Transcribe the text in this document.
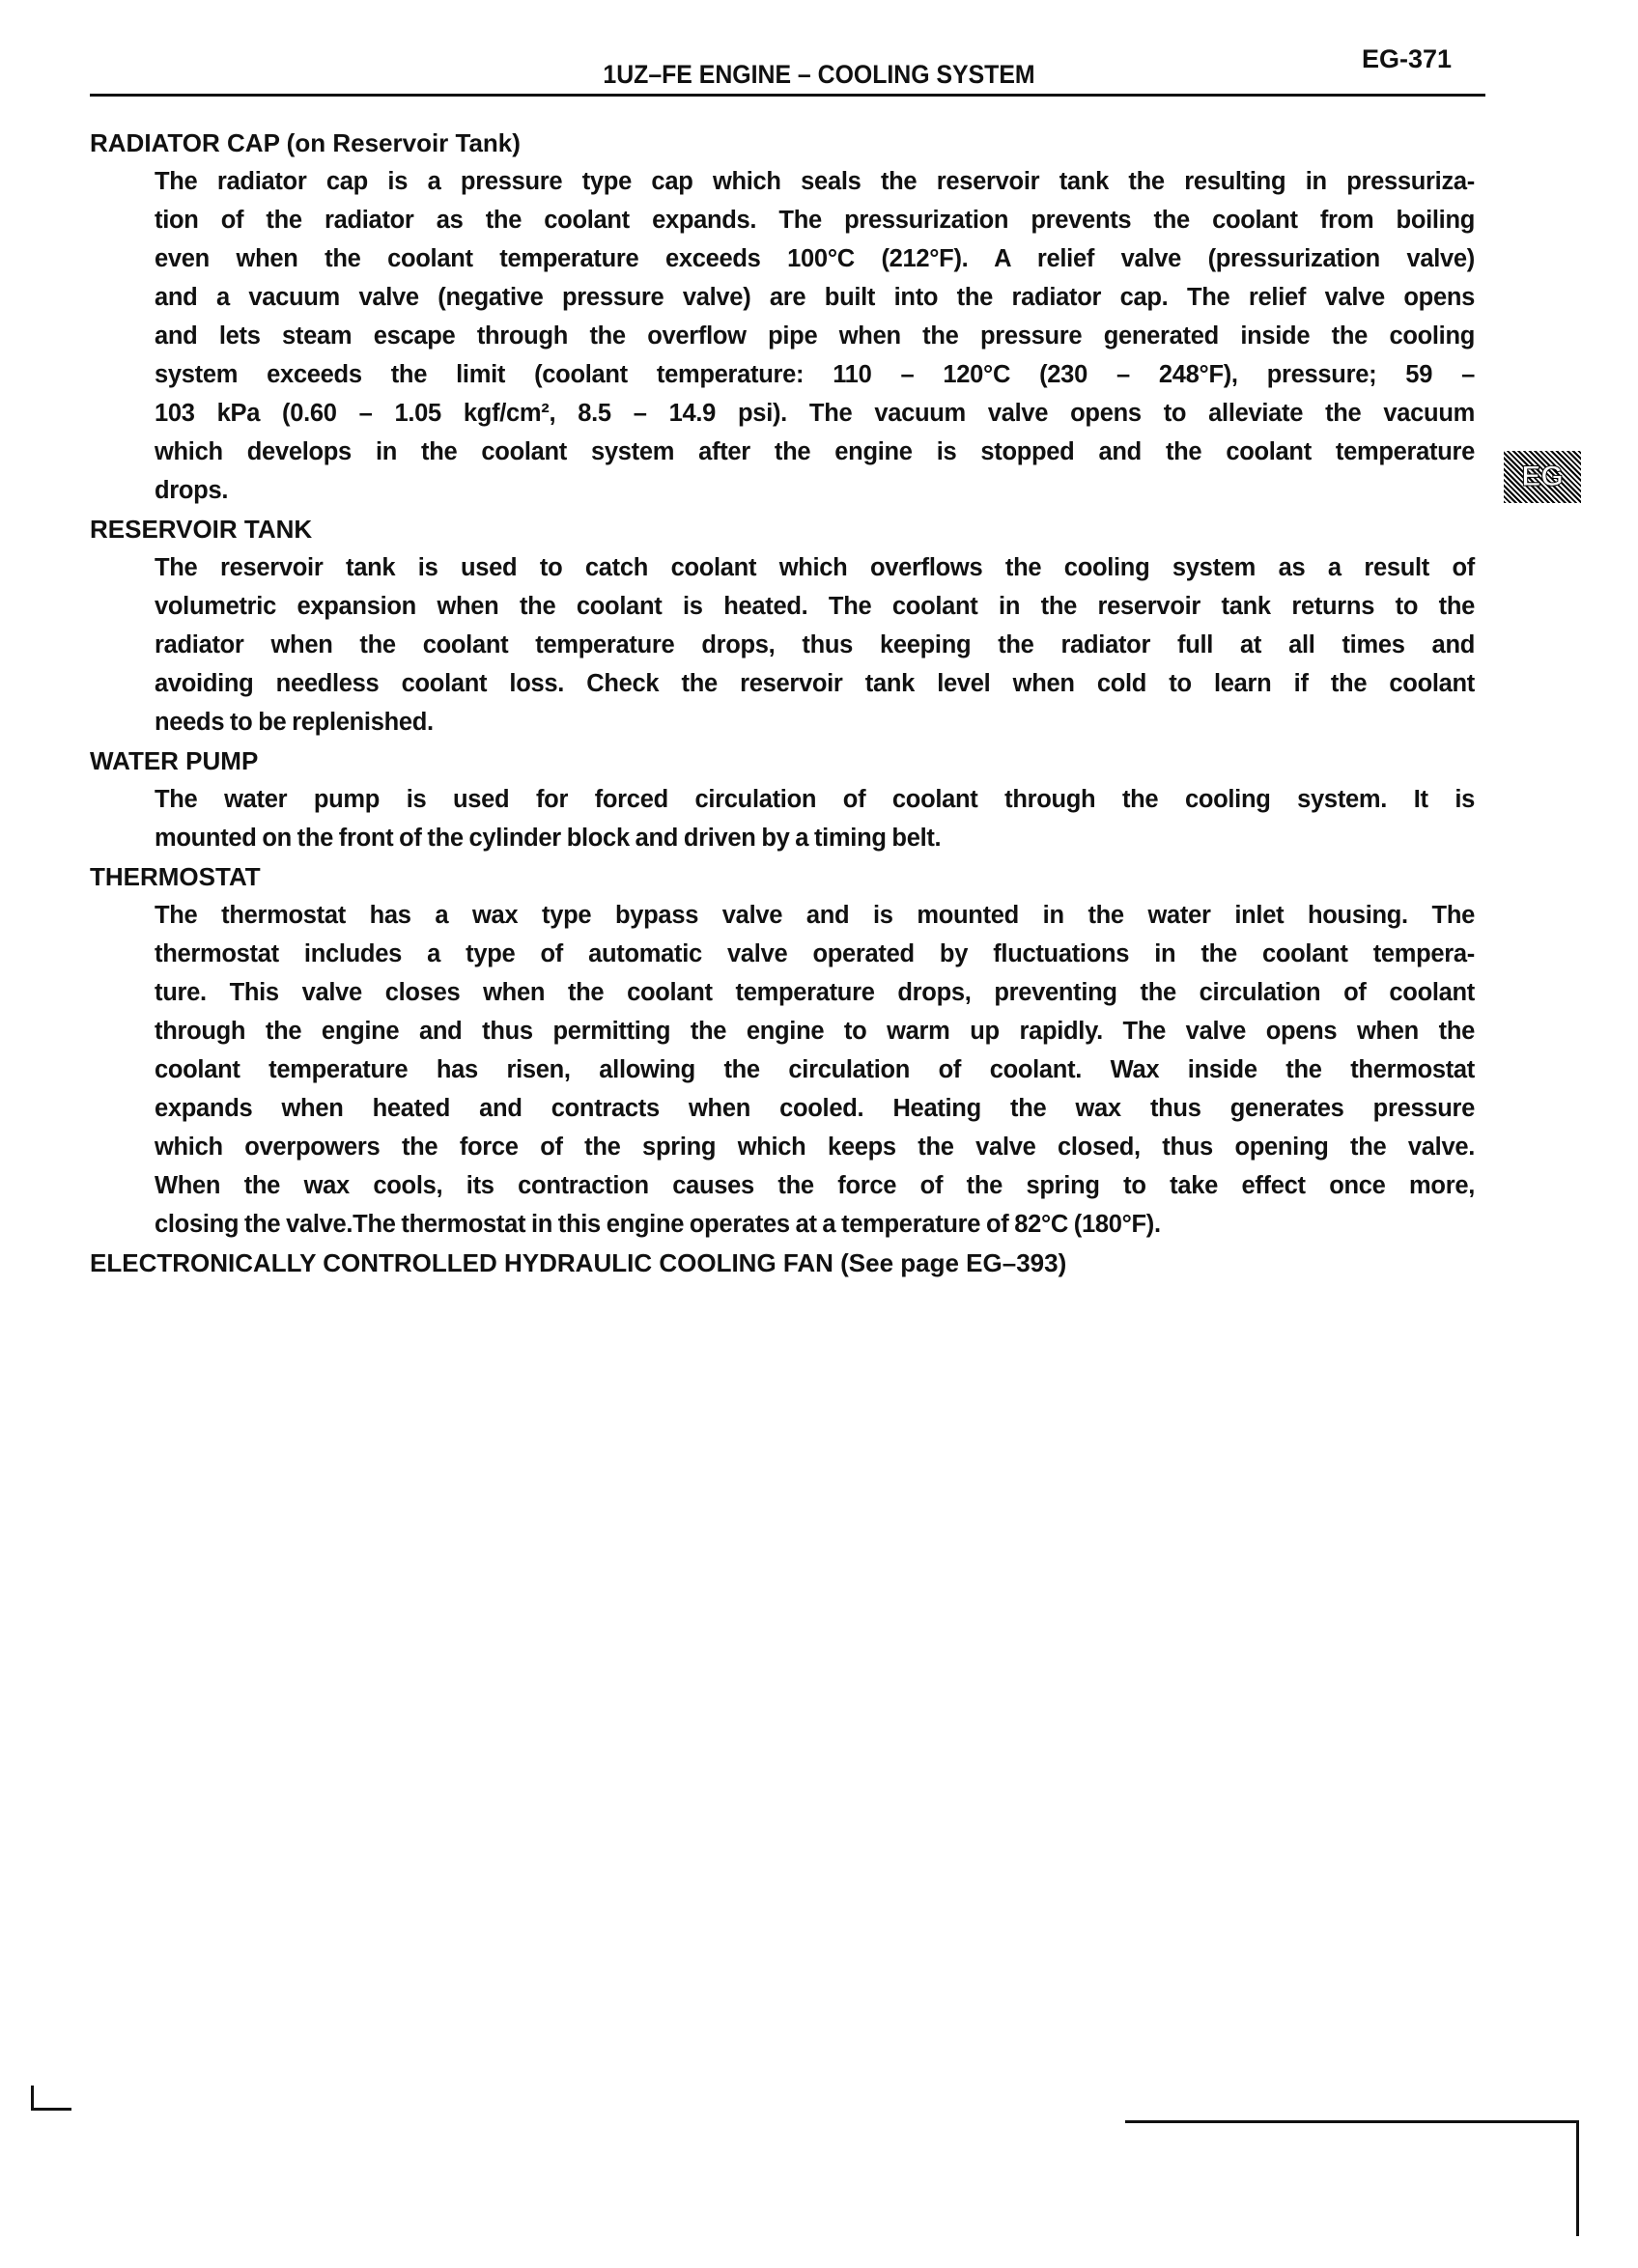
1UZ–FE ENGINE – COOLING SYSTEM
EG-371
EG
RADIATOR CAP (on Reservoir Tank)
The radiator cap is a pressure type cap which seals the reservoir tank the resulting in pressuriza-
tion of the radiator as the coolant expands. The pressurization prevents the coolant from boiling
even when the coolant temperature exceeds 100°C (212°F). A relief valve (pressurization valve)
and a vacuum valve (negative pressure valve) are built into the radiator cap. The relief valve opens
and lets steam escape through the overflow pipe when the pressure generated inside the cooling
system exceeds the limit (coolant temperature: 110 – 120°C (230 – 248°F), pressure; 59 –
103 kPa (0.60 – 1.05 kgf/cm², 8.5 – 14.9 psi). The vacuum valve opens to alleviate the vacuum
which develops in the coolant system after the engine is stopped and the coolant temperature
drops.
RESERVOIR TANK
The reservoir tank is used to catch coolant which overflows the cooling system as a result of
volumetric expansion when the coolant is heated. The coolant in the reservoir tank returns to the
radiator when the coolant temperature drops, thus keeping the radiator full at all times and
avoiding needless coolant loss. Check the reservoir tank level when cold to learn if the coolant
needs to be replenished.
WATER PUMP
The water pump is used for forced circulation of coolant through the cooling system. It is
mounted on the front of the cylinder block and driven by a timing belt.
THERMOSTAT
The thermostat has a wax type bypass valve and is mounted in the water inlet housing. The
thermostat includes a type of automatic valve operated by fluctuations in the coolant tempera-
ture. This valve closes when the coolant temperature drops, preventing the circulation of coolant
through the engine and thus permitting the engine to warm up rapidly. The valve opens when the
coolant temperature has risen, allowing the circulation of coolant. Wax inside the thermostat
expands when heated and contracts when cooled. Heating the wax thus generates pressure
which overpowers the force of the spring which keeps the valve closed, thus opening the valve.
When the wax cools, its contraction causes the force of the spring to take effect once more,
closing the valve.The thermostat in this engine operates at a temperature of 82°C (180°F).
ELECTRONICALLY CONTROLLED HYDRAULIC COOLING FAN (See page EG–393)
